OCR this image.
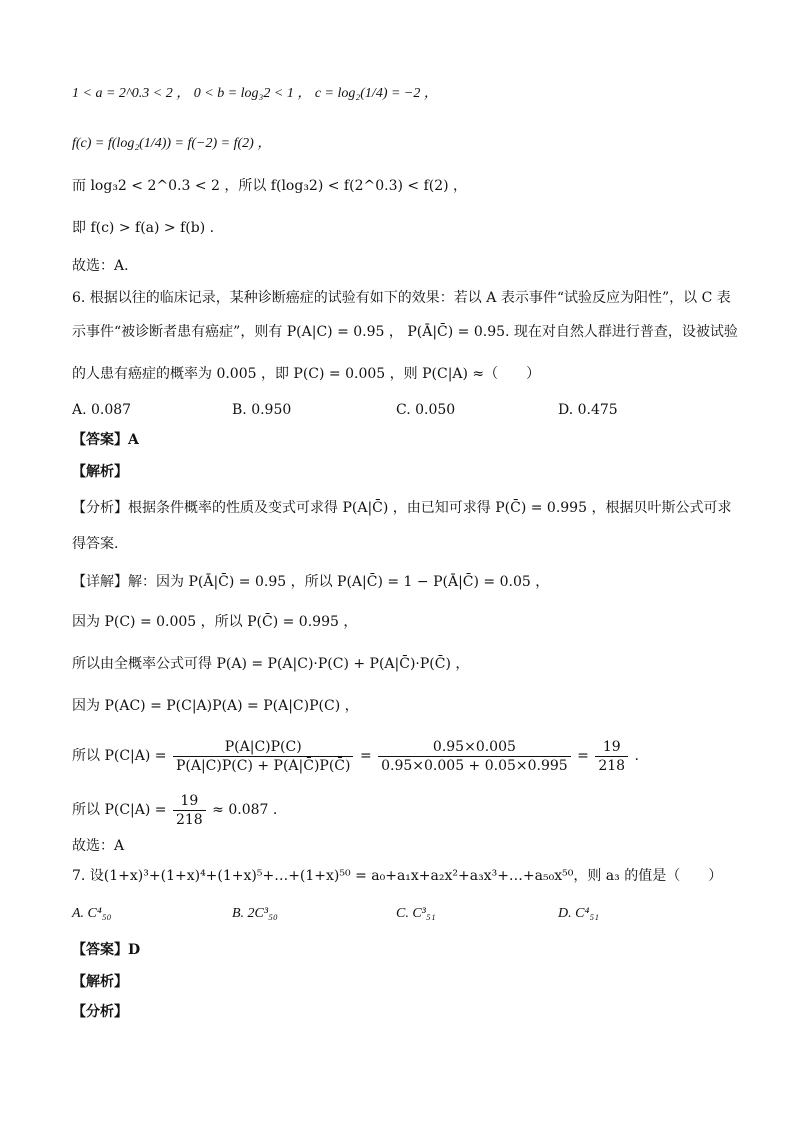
1 < a = 2^0.3 < 2 ， 0 < b = log₃2 < 1 ， c = log₂(1/4) = −2 ，
f(c) = f(log₂(1/4)) = f(−2) = f(2) ，
而 log₃2 < 2^0.3 < 2 ，所以 f(log₃2) < f(2^0.3) < f(2) ，
即 f(c) > f(a) > f(b) .
故选：A.
6. 根据以往的临床记录，某种诊断癌症的试验有如下的效果：若以 A 表示事件“试验反应为阳性”，以 C 表
示事件“被诊断者患有癌症”，则有 P(A|C) = 0.95 ， P(Ā|C̄) = 0.95. 现在对自然人群进行普查，设被试验
的人患有癌症的概率为 0.005 ，即 P(C) = 0.005 ，则 P(C|A) ≈（　　）
A. 0.087	B. 0.950	C. 0.050	D. 0.475
【答案】A
【解析】
【分析】根据条件概率的性质及变式可求得 P(A|C̄) ，由已知可求得 P(C̄) = 0.995 ，根据贝叶斯公式可求
得答案.
【详解】解：因为 P(Ā|C̄) = 0.95 ，所以 P(A|C̄) = 1 − P(Ā|C̄) = 0.05 ，
因为 P(C) = 0.005 ，所以 P(C̄) = 0.995 ，
所以由全概率公式可得 P(A) = P(A|C)·P(C) + P(A|C̄)·P(C̄) ，
因为 P(AC) = P(C|A)P(A) = P(A|C)P(C) ，
所以 $P(C|A) = \frac{P(A|C)P(C)}{P(A|C)P(C) + P(A|C̄)P(C̄)} = \frac{0.95\times 0.005}{0.95\times 0.005 + 0.05\times 0.995} = \frac{19}{218}$ .
所以 $P(C|A) = \frac{19}{218} \approx 0.087$ .
故选：A
7. 设(1+x)³+(1+x)⁴+(1+x)⁵+…+(1+x)⁵⁰ = a₀+a₁x+a₂x²+a₃x³+…+a₅₀x⁵⁰，则 a₃ 的值是（　　）
A. C⁴₅₀	B. 2C³₅₀	C. C³₅₁	D. C⁴₅₁
【答案】D
【解析】
【分析】
